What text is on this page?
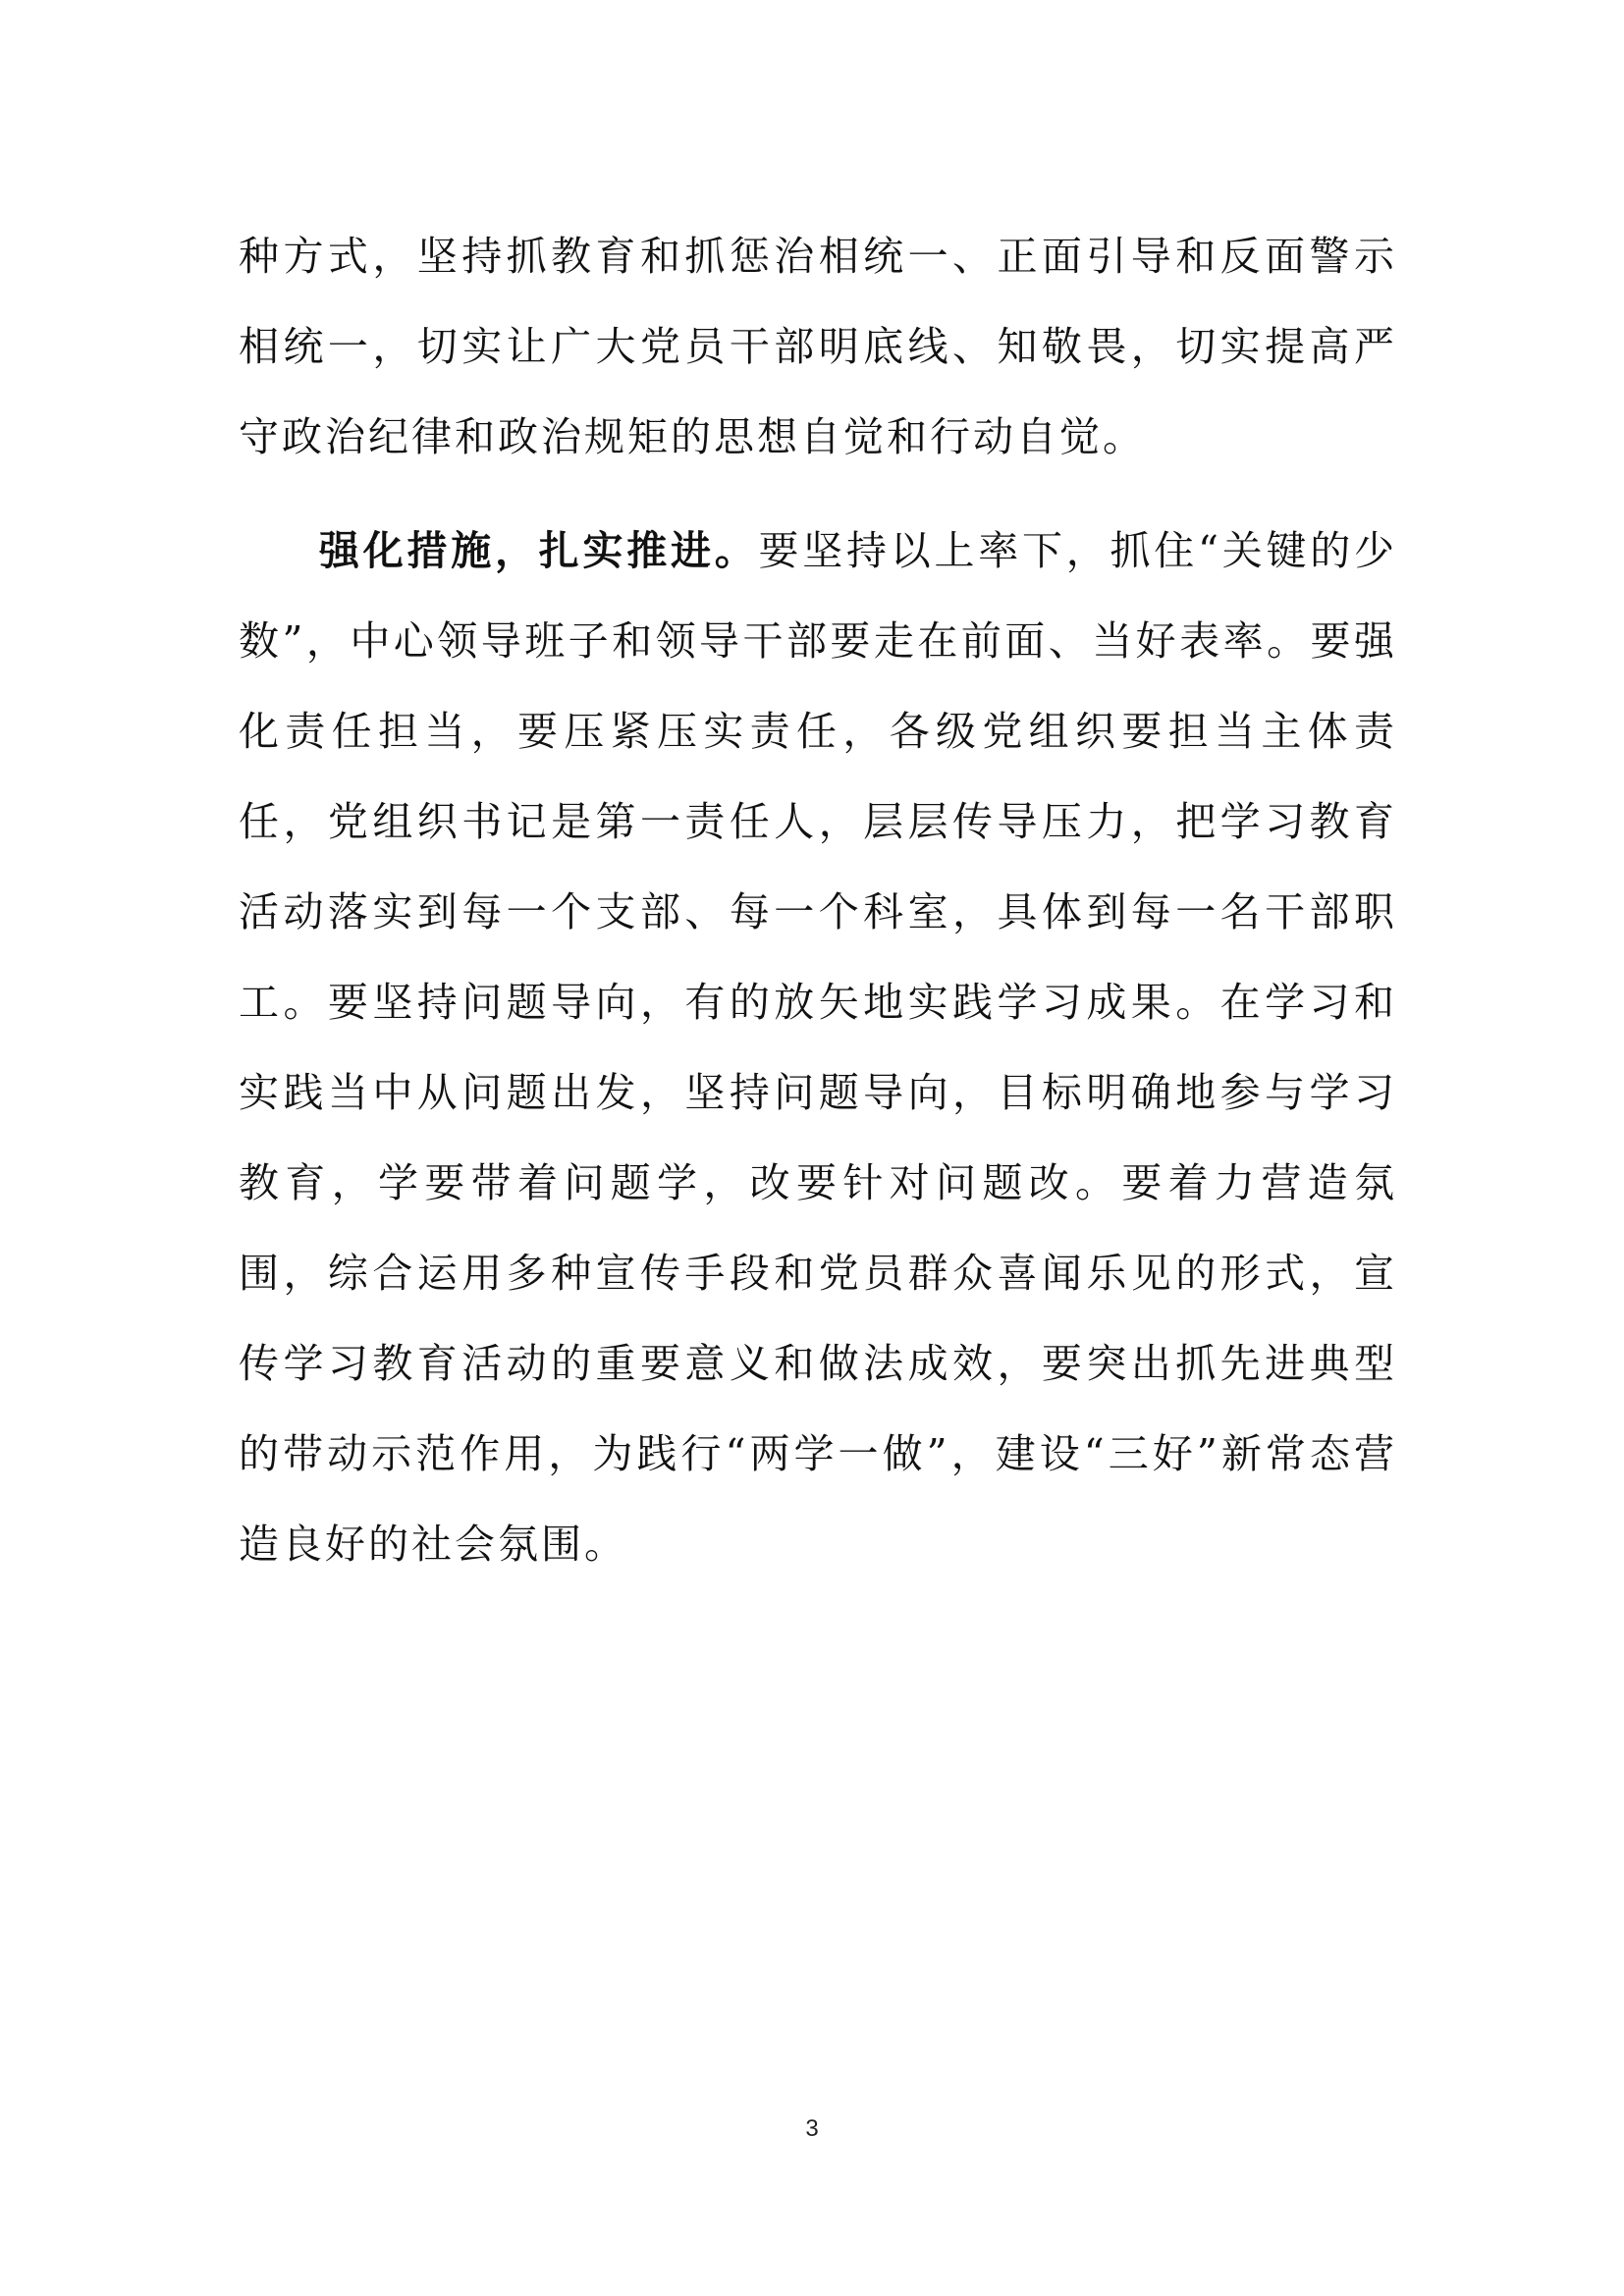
种方式，坚持抓教育和抓惩治相统一、正面引导和反面警示相统一，切实让广大党员干部明底线、知敬畏，切实提高严守政治纪律和政治规矩的思想自觉和行动自觉。

强化措施，扎实推进。要坚持以上率下，抓住“关键的少数”，中心领导班子和领导干部要走在前面、当好表率。要强化责任担当，要压紧压实责任，各级党组织要担当主体责任，党组织书记是第一责任人，层层传导压力，把学习教育活动落实到每一个支部、每一个科室，具体到每一名干部职工。要坚持问题导向，有的放矢地实践学习成果。在学习和实践当中从问题出发，坚持问题导向，目标明确地参与学习教育，学要带着问题学，改要针对问题改。要着力营造氛围，综合运用多种宣传手段和党员群众喜闻乐见的形式，宣传学习教育活动的重要意义和做法成效，要突出抓先进典型的带动示范作用，为践行“两学一做”，建设“三好”新常态营造良好的社会氛围。

3
